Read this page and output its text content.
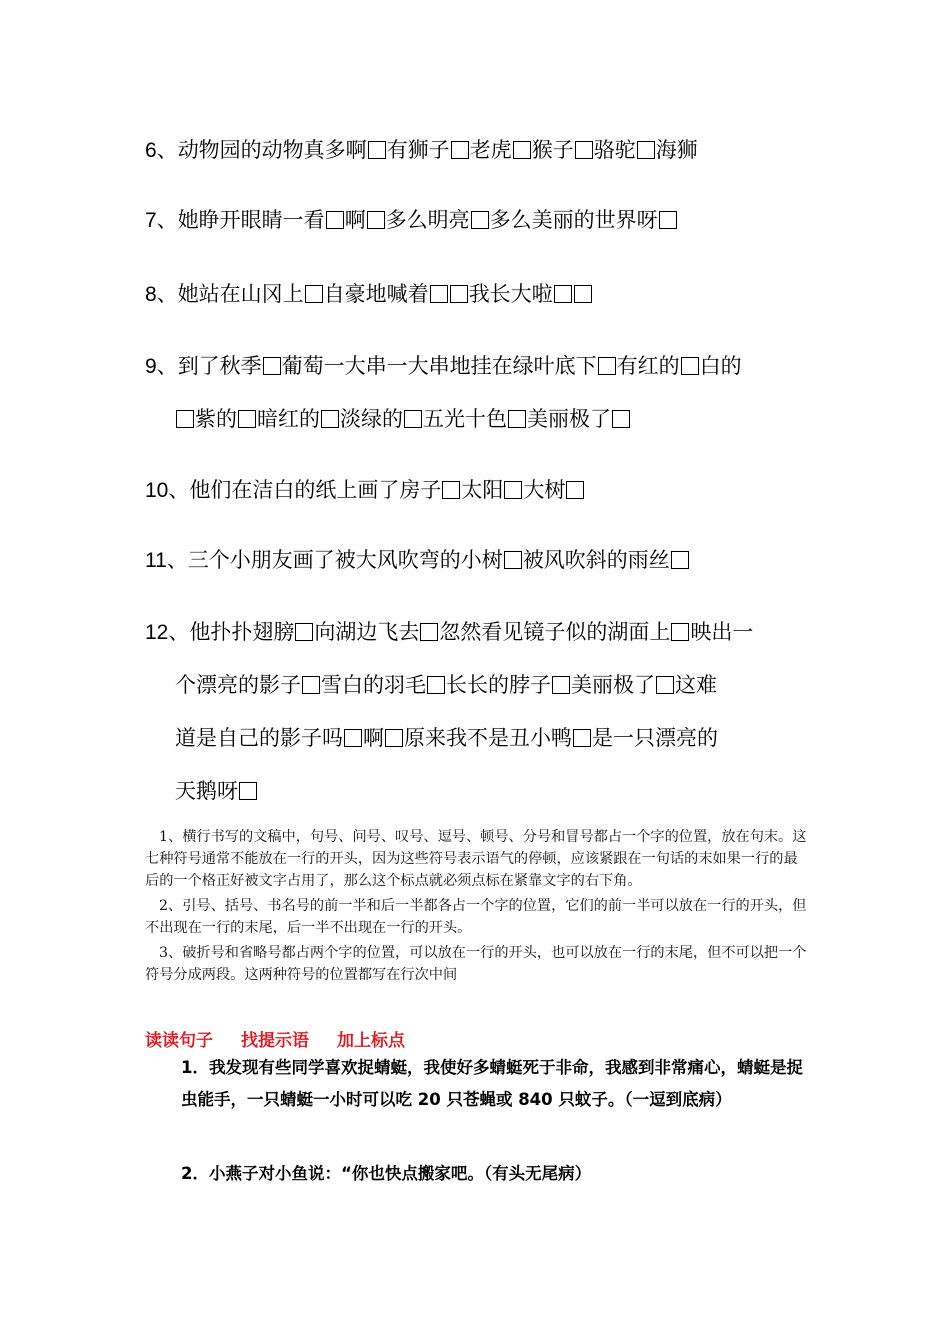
6、动物园的动物真多啊 有狮子 老虎 猴子 骆驼 海狮
7、她睁开眼睛一看 啊 多么明亮 多么美丽的世界呀
8、她站在山冈上 自豪地喊着 我长大啦
9、到了秋季 葡萄一大串一大串地挂在绿叶底下 有红的 白的
紫的 暗红的 淡绿的 五光十色 美丽极了
10、他们在洁白的纸上画了房子 太阳 大树
11、三个小朋友画了被大风吹弯的小树 被风吹斜的雨丝
12、他扑扑翅膀 向湖边飞去 忽然看见镜子似的湖面上 映出一
个漂亮的影子 雪白的羽毛 长长的脖子 美丽极了 这难
道是自己的影子吗 啊 原来我不是丑小鸭 是一只漂亮的
天鹅呀

1、横行书写的文稿中，句号、问号、叹号、逗号、顿号、分号和冒号都占一个字的位置，放在句末。这七种符号通常不能放在一行的开头，因为这些符号表示语气的停顿，应该紧跟在一句话的末如果一行的最后的一个格正好被文字占用了，那么这个标点就必须点标在紧靠文字的右下角。

2、引号、括号、书名号的前一半和后一半都各占一个字的位置，它们的前一半可以放在一行的开头，但不出现在一行的末尾，后一半不出现在一行的开头。

3、破折号和省略号都占两个字的位置，可以放在一行的开头，也可以放在一行的末尾，但不可以把一个符号分成两段。这两种符号的位置都写在行次中间

读读句子 找提示语 加上标点
1．我发现有些同学喜欢捉蜻蜓，我使好多蜻蜓死于非命，我感到非常痛心，蜻蜓是捉虫能手，一只蜻蜓一小时可以吃 20 只苍蝇或 840 只蚊子。（一逗到底病）
2．小燕子对小鱼说：“你也快点搬家吧。（有头无尾病）
